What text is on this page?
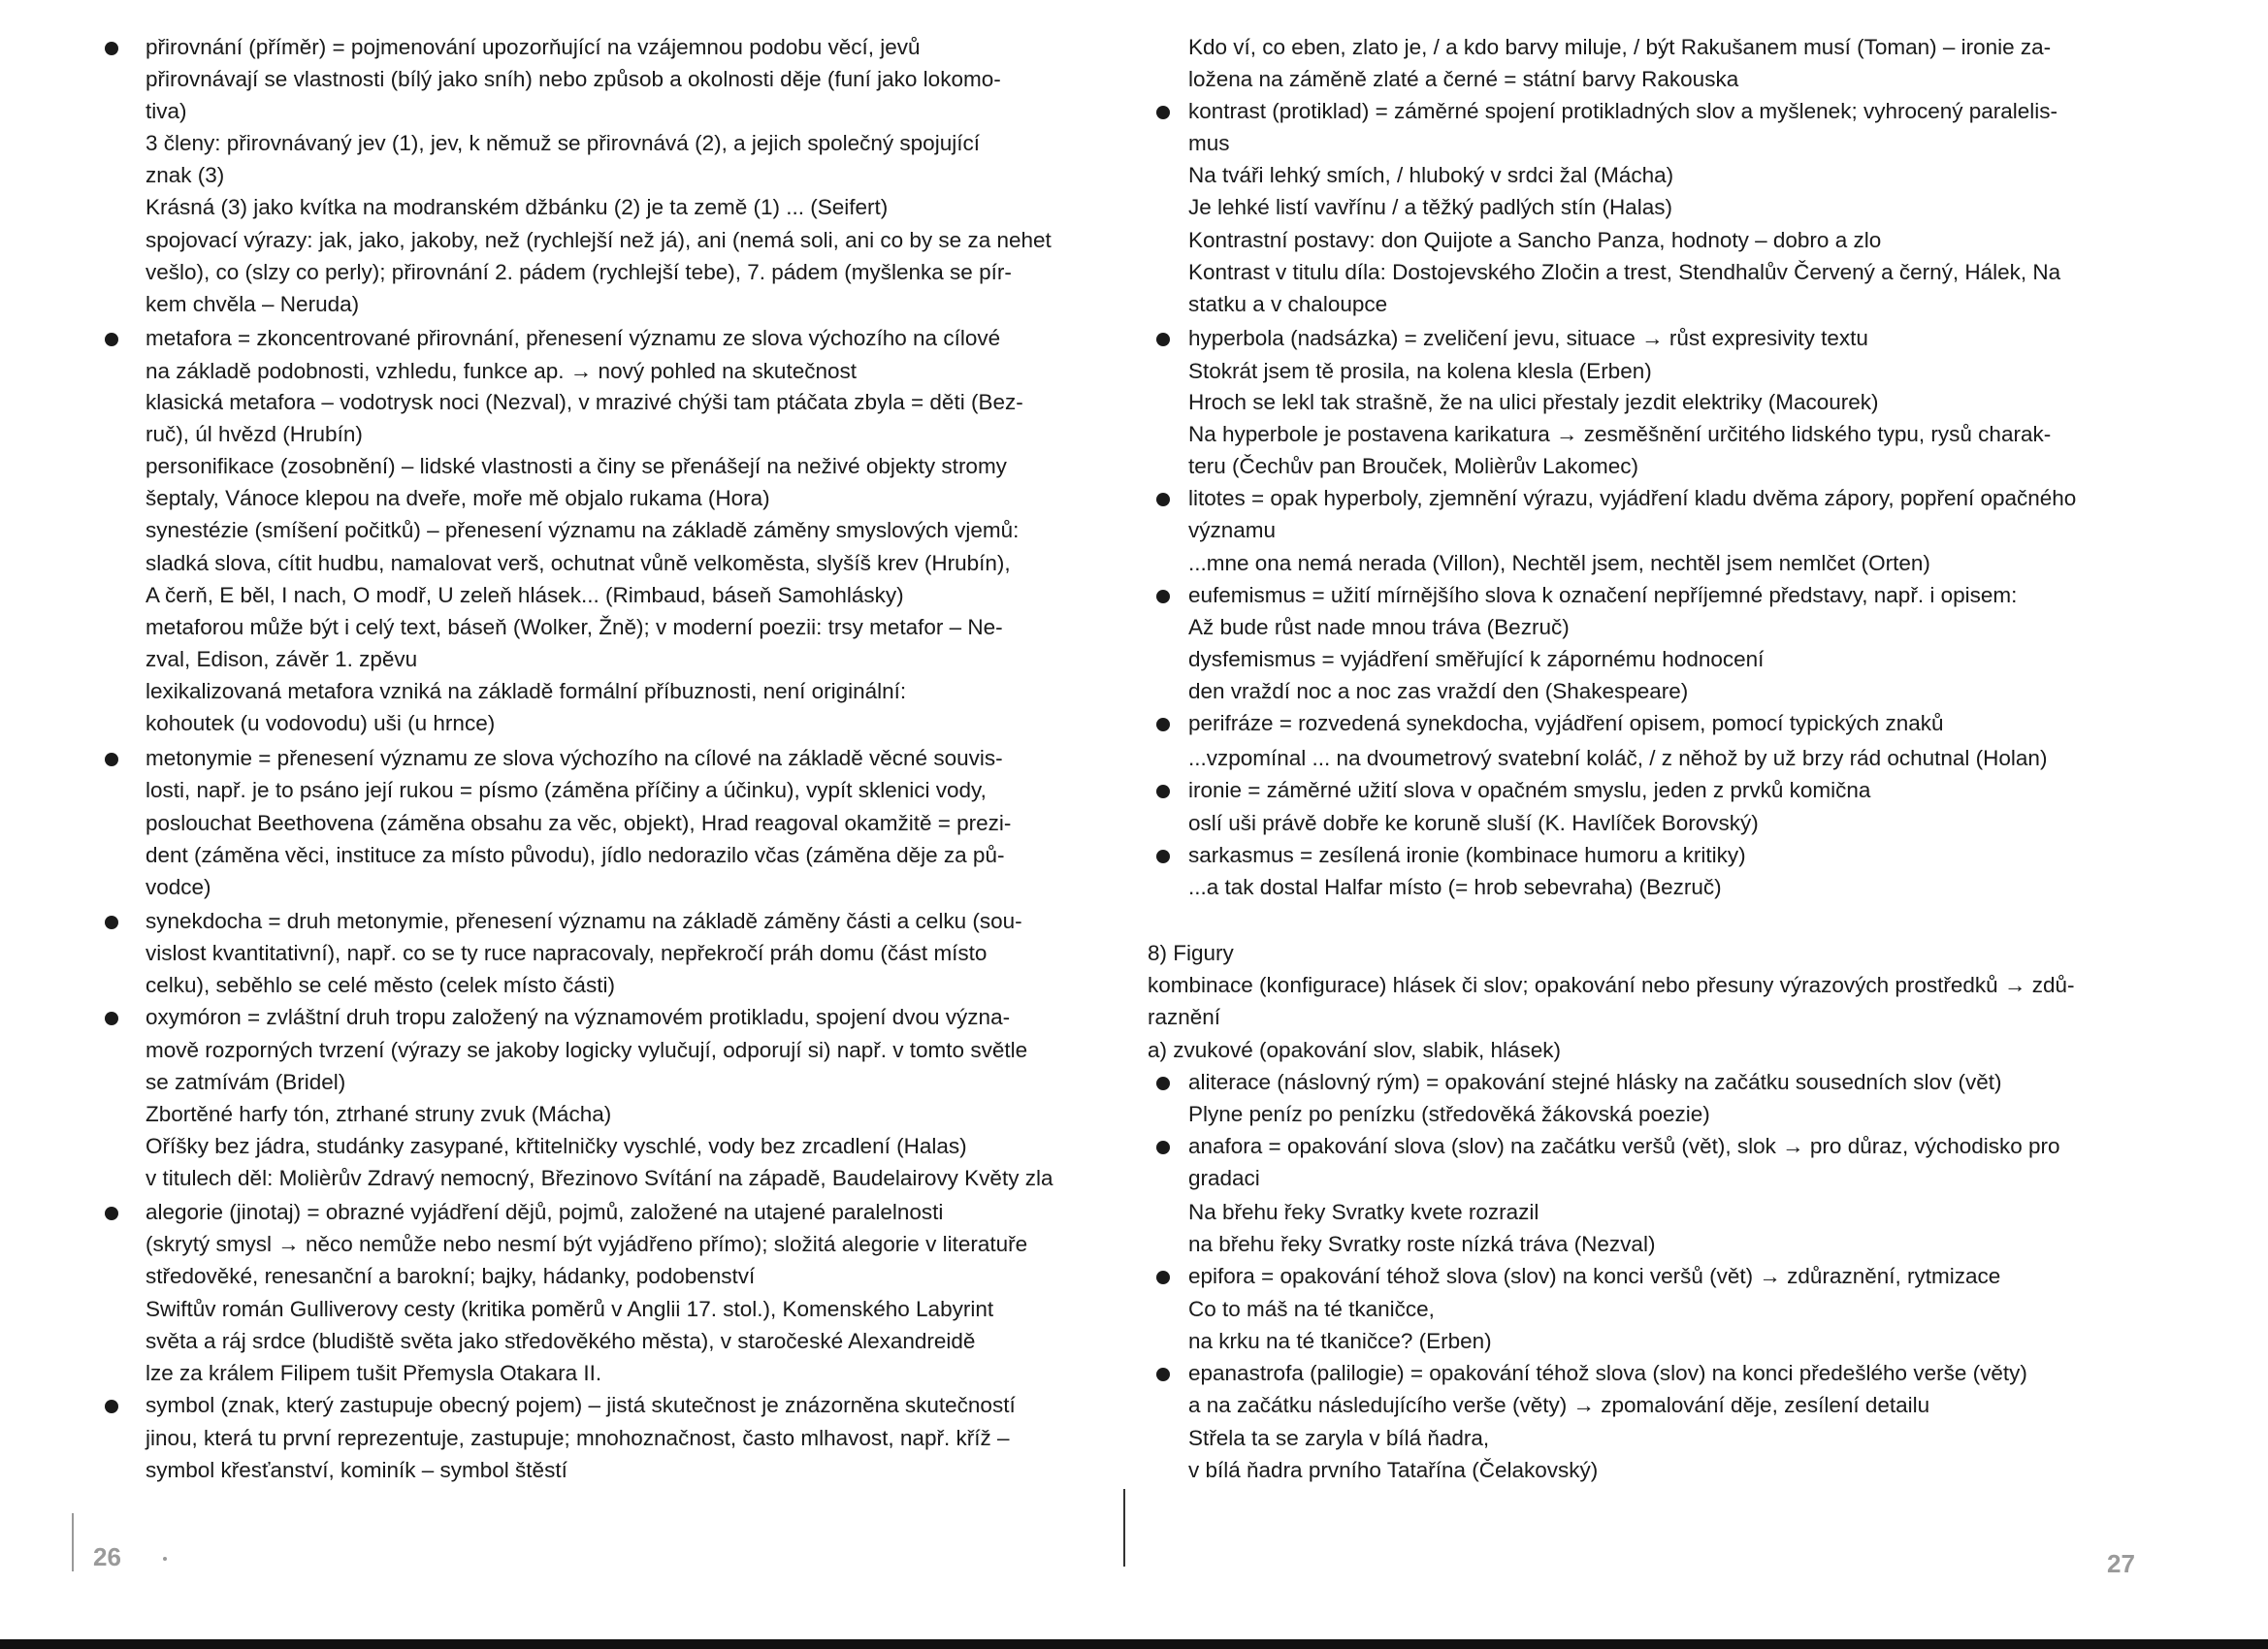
přirovnání (příměr) = pojmenování upozorňující na vzájemnou podobu věcí, jevů
přirovnávají se vlastnosti (bílý jako sníh) nebo způsob a okolnosti děje (funí jako lokomo-
tiva)
3 členy: přirovnávaný jev (1), jev, k němuž se přirovnává (2), a jejich společný spojující
znak (3)
Krásná (3) jako kvítka na modranském džbánku (2) je ta země (1) ... (Seifert)
spojovací výrazy: jak, jako, jakoby, než (rychlejší než já), ani (nemá soli, ani co by se za nehet
vešlo), co (slzy co perly); přirovnání 2. pádem (rychlejší tebe), 7. pádem (myšlenka se pír-
kem chvěla – Neruda)
metafora = zkoncentrované přirovnání, přenesení významu ze slova výchozího na cílové
na základě podobnosti, vzhledu, funkce ap. → nový pohled na skutečnost
klasická metafora – vodotrysk noci (Nezval), v mrazivé chýši tam ptáčata zbyla = děti (Bez-
ruč), úl hvězd (Hrubín)
personifikace (zosobnění) – lidské vlastnosti a činy se přenášejí na neživé objekty stromy
šeptaly, Vánoce klepou na dveře, moře mě objalo rukama (Hora)
synestézie (smíšení počitků) – přenesení významu na základě záměny smyslových vjemů:
sladká slova, cítit hudbu, namalovat verš, ochutnat vůně velkoměsta, slyšíš krev (Hrubín),
A čerň, E běl, I nach, O modř, U zeleň hlásek... (Rimbaud, báseň Samohlásky)
metaforou může být i celý text, báseň (Wolker, Žně); v moderní poezii: trsy metafor – Ne-
zval, Edison, závěr 1. zpěvu
lexikalizovaná metafora vzniká na základě formální příbuznosti, není originální:
kohoutek (u vodovodu) uši (u hrnce)
metonymie = přenesení významu ze slova výchozího na cílové na základě věcné souvis-
losti, např. je to psáno její rukou = písmo (záměna příčiny a účinku), vypít sklenici vody,
poslouchat Beethovena (záměna obsahu za věc, objekt), Hrad reagoval okamžitě = prezi-
dent (záměna věci, instituce za místo původu), jídlo nedorazilo včas (záměna děje za pů-
vodce)
synekdocha = druh metonymie, přenesení významu na základě záměny části a celku (sou-
vislost kvantitativní), např. co se ty ruce napracovaly, nepřekročí práh domu (část místo
celku), seběhlo se celé město (celek místo části)
oxymóron = zvláštní druh tropu založený na významovém protikladu, spojení dvou význa-
mově rozporných tvrzení (výrazy se jakoby logicky vylučují, odporují si) např. v tomto světle
se zatmívám (Bridel)
Zbortěné harfy tón, ztrhané struny zvuk (Mácha)
Oříšky bez jádra, studánky zasypané, křtitelničky vyschlé, vody bez zrcadlení (Halas)
v titulech děl: Molièrův Zdravý nemocný, Březinovo Svítání na západě, Baudelairovy Květy zla
alegorie (jinotaj) = obrazné vyjádření dějů, pojmů, založené na utajené paralelnosti
(skrytý smysl → něco nemůže nebo nesmí být vyjádřeno přímo); složitá alegorie v literatuře
středověké, renesanční a barokní; bajky, hádanky, podobenství
Swiftův román Gulliverovy cesty (kritika poměrů v Anglii 17. stol.), Komenského Labyrint
světa a ráj srdce (bludiště světa jako středověkého města), v staročeské Alexandreidě
lze za králem Filipem tušit Přemysla Otakara II.
symbol (znak, který zastupuje obecný pojem) – jistá skutečnost je znázorněna skutečností
jinou, která tu první reprezentuje, zastupuje; mnohoznačnost, často mlhavost, např. kříž –
symbol křesťanství, kominík – symbol štěstí
Kdo ví, co eben, zlato je, / a kdo barvy miluje, / být Rakušanem musí (Toman) – ironie za-
ložena na záměně zlaté a černé = státní barvy Rakouska
kontrast (protiklad) = záměrné spojení protikladných slov a myšlenek; vyhrocený paralelis-
mus
Na tváři lehký smích, / hluboký v srdci žal (Mácha)
Je lehké listí vavřínu / a těžký padlých stín (Halas)
Kontrastní postavy: don Quijote a Sancho Panza, hodnoty – dobro a zlo
Kontrast v titulu díla: Dostojevského Zločin a trest, Stendhalův Červený a černý, Hálek, Na
statku a v chaloupce
hyperbola (nadsázka) = zveličení jevu, situace → růst expresivity textu
Stokrát jsem tě prosila, na kolena klesla (Erben)
Hroch se lekl tak strašně, že na ulici přestaly jezdit elektriky (Macourek)
Na hyperbole je postavena karikatura → zesměšnění určitého lidského typu, rysů charak-
teru (Čechův pan Brouček, Molièrův Lakomec)
litotes = opak hyperboly, zjemnění výrazu, vyjádření kladu dvěma zápory, popření opačného
významu
...mne ona nemá nerada (Villon), Nechtěl jsem, nechtěl jsem nemlčet (Orten)
eufemismus = užití mírnějšího slova k označení nepříjemné představy, např. i opisem:
Až bude růst nade mnou tráva (Bezruč)
dysfemismus = vyjádření směřující k zápornému hodnocení
den vraždí noc a noc zas vraždí den (Shakespeare)
perifráze = rozvedená synekdocha, vyjádření opisem, pomocí typických znaků
...vzpomínal ... na dvoumetrový svatební koláč, / z něhož by už brzy rád ochutnal (Holan)
ironie = záměrné užití slova v opačném smyslu, jeden z prvků komična
oslí uši právě dobře ke koruně sluší (K. Havlíček Borovský)
sarkasmus = zesílená ironie (kombinace humoru a kritiky)
...a tak dostal Halfar místo (= hrob sebevraha) (Bezruč)
8) Figury
kombinace (konfigurace) hlásek či slov; opakování nebo přesuny výrazových prostředků → zdů-
raznění
a) zvukové (opakování slov, slabik, hlásek)
aliterace (náslovný rým) = opakování stejné hlásky na začátku sousedních slov (vět)
Plyne peníz po penízku (středověká žákovská poezie)
anafora = opakování slova (slov) na začátku veršů (vět), slok → pro důraz, východisko pro
gradaci
Na břehu řeky Svratky kvete rozrazil
na břehu řeky Svratky roste nízká tráva (Nezval)
epifora = opakování téhož slova (slov) na konci veršů (vět) → zdůraznění, rytmizace
Co to máš na té tkaničce,
na krku na té tkaničce? (Erben)
epanastrofa (palilogie) = opakování téhož slova (slov) na konci předešlého verše (věty)
a na začátku následujícího verše (věty) → zpomalování děje, zesílení detailu
Střela ta se zaryla v bílá ňadra,
v bílá ňadra prvního Tatařína (Čelakovský)
26	27
